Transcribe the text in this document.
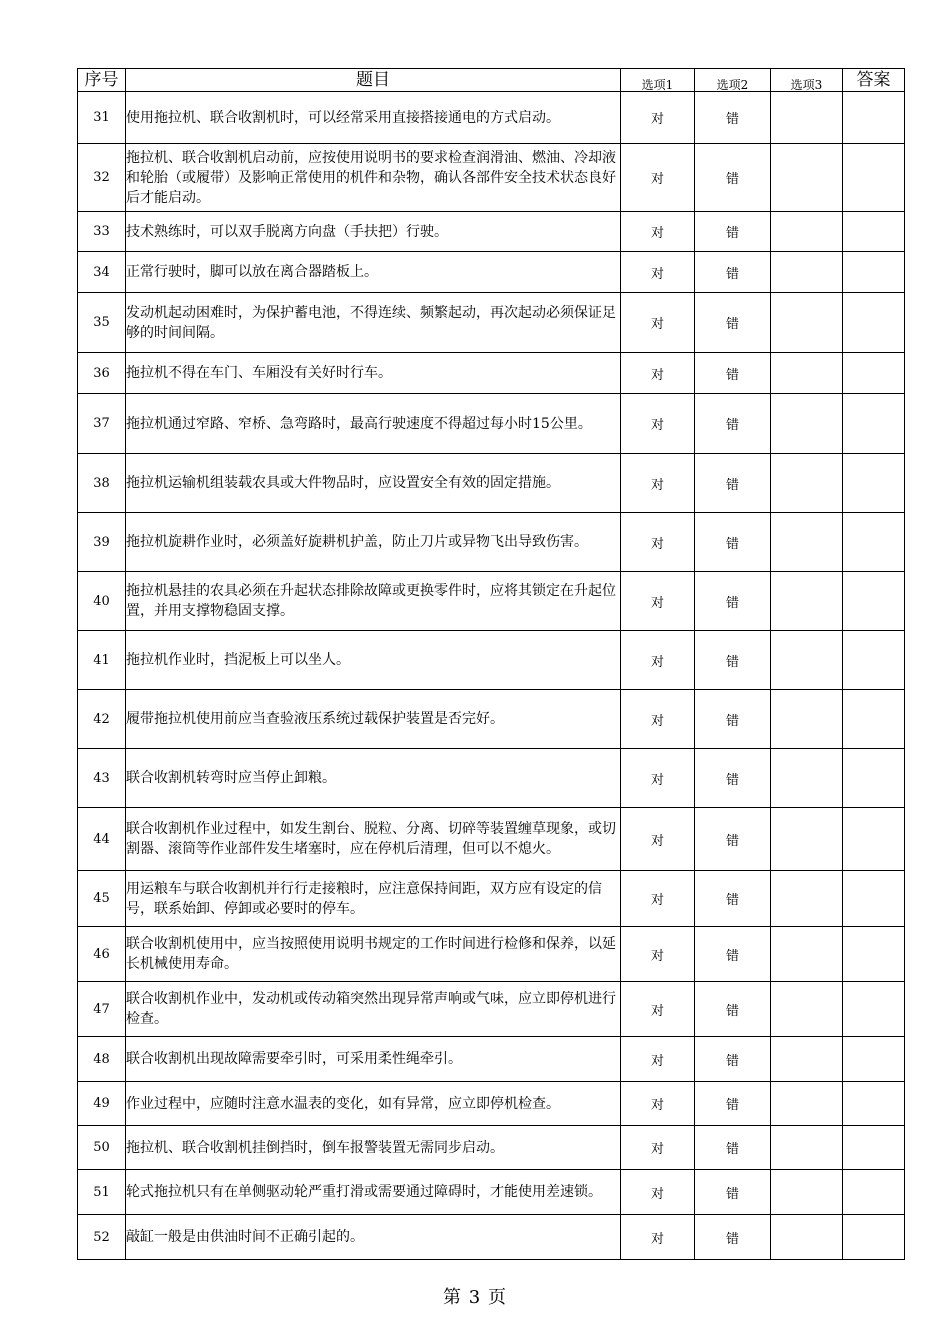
序号	题目	选项1	选项2	选项3	答案
31	使用拖拉机、联合收割机时，可以经常采用直接搭接通电的方式启动。	对	错		
32	拖拉机、联合收割机启动前，应按使用说明书的要求检查润滑油、燃油、冷却液和轮胎（或履带）及影响正常使用的机件和杂物，确认各部件安全技术状态良好后才能启动。	对	错		
33	技术熟练时，可以双手脱离方向盘（手扶把）行驶。	对	错		
34	正常行驶时，脚可以放在离合器踏板上。	对	错		
35	发动机起动困难时，为保护蓄电池，不得连续、频繁起动，再次起动必须保证足够的时间间隔。	对	错		
36	拖拉机不得在车门、车厢没有关好时行车。	对	错		
37	拖拉机通过窄路、窄桥、急弯路时，最高行驶速度不得超过每小时15公里。	对	错		
38	拖拉机运输机组装载农具或大件物品时，应设置安全有效的固定措施。	对	错		
39	拖拉机旋耕作业时，必须盖好旋耕机护盖，防止刀片或异物飞出导致伤害。	对	错		
40	拖拉机悬挂的农具必须在升起状态排除故障或更换零件时，应将其锁定在升起位置，并用支撑物稳固支撑。	对	错		
41	拖拉机作业时，挡泥板上可以坐人。	对	错		
42	履带拖拉机使用前应当查验液压系统过载保护装置是否完好。	对	错		
43	联合收割机转弯时应当停止卸粮。	对	错		
44	联合收割机作业过程中，如发生割台、脱粒、分离、切碎等装置缠草现象，或切割器、滚筒等作业部件发生堵塞时，应在停机后清理，但可以不熄火。	对	错		
45	用运粮车与联合收割机并行行走接粮时，应注意保持间距，双方应有设定的信号，联系始卸、停卸或必要时的停车。	对	错		
46	联合收割机使用中，应当按照使用说明书规定的工作时间进行检修和保养，以延长机械使用寿命。	对	错		
47	联合收割机作业中，发动机或传动箱突然出现异常声响或气味，应立即停机进行检查。	对	错		
48	联合收割机出现故障需要牵引时，可采用柔性绳牵引。	对	错		
49	作业过程中，应随时注意水温表的变化，如有异常，应立即停机检查。	对	错		
50	拖拉机、联合收割机挂倒挡时，倒车报警装置无需同步启动。	对	错		
51	轮式拖拉机只有在单侧驱动轮严重打滑或需要通过障碍时，才能使用差速锁。	对	错		
52	敲缸一般是由供油时间不正确引起的。	对	错		
第 3 页
